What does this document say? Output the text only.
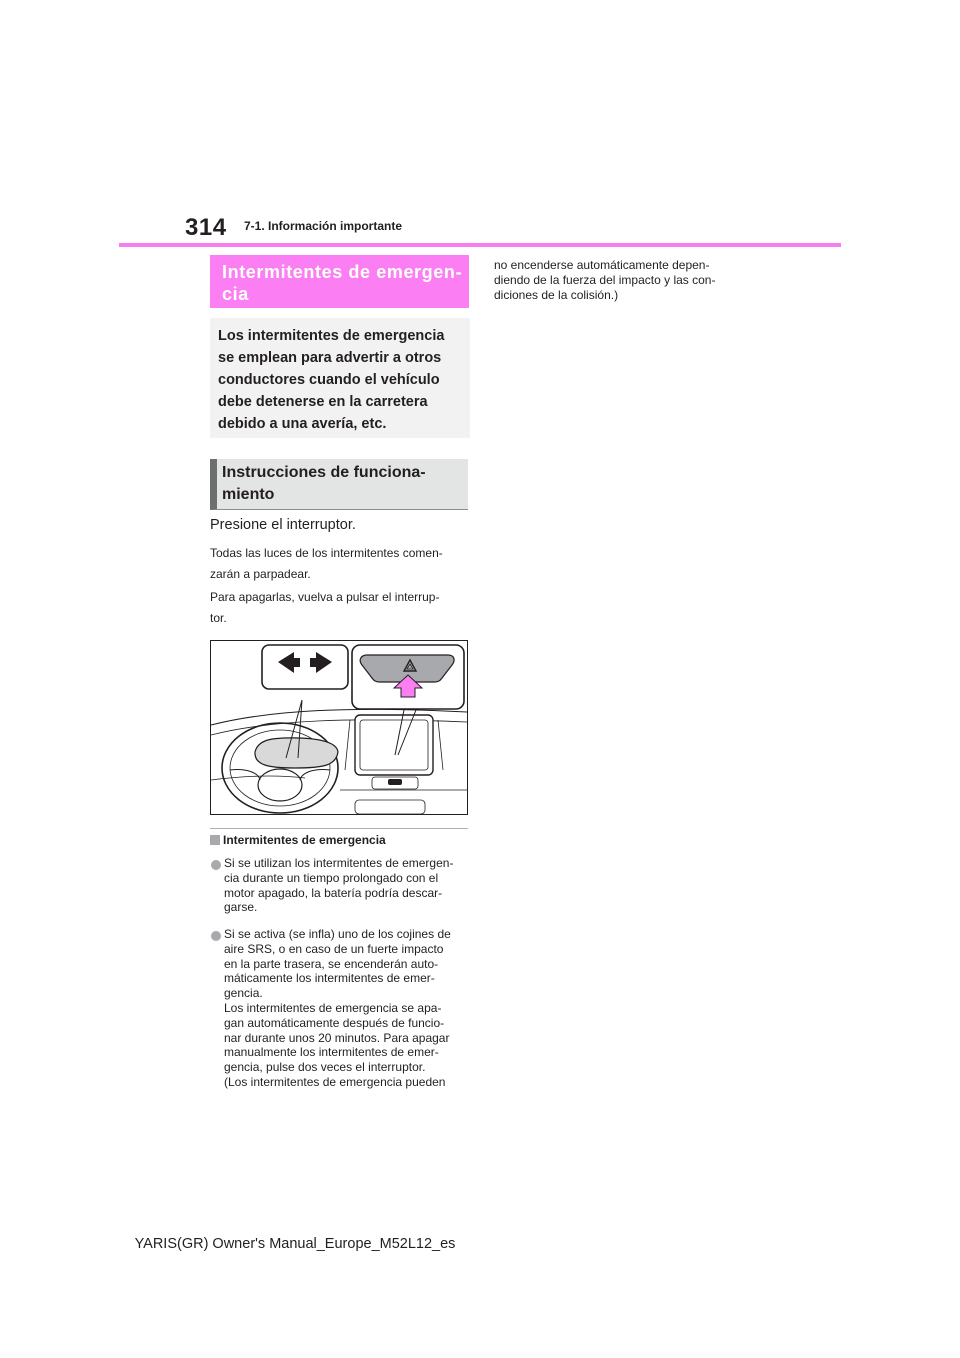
314 7-1. Información importante
Intermitentes de emergen-
cia
Los intermitentes de emergencia
se emplean para advertir a otros
conductores cuando el vehículo
debe detenerse en la carretera
debido a una avería, etc.
Instrucciones de funciona-
miento
Presione el interruptor.
Todas las luces de los intermitentes comen-
zarán a parpadear.
Para apagarlas, vuelva a pulsar el interrup-
tor.
Intermitentes de emergencia
Si se utilizan los intermitentes de emergen-
cia durante un tiempo prolongado con el
motor apagado, la batería podría descar-
garse.
Si se activa (se infla) uno de los cojines de
aire SRS, o en caso de un fuerte impacto
en la parte trasera, se encenderán auto-
máticamente los intermitentes de emer-
gencia.
Los intermitentes de emergencia se apa-
gan automáticamente después de funcio-
nar durante unos 20 minutos. Para apagar
manualmente los intermitentes de emer-
gencia, pulse dos veces el interruptor.
(Los intermitentes de emergencia pueden
no encenderse automáticamente depen-
diendo de la fuerza del impacto y las con-
diciones de la colisión.)
YARIS(GR) Owner's Manual_Europe_M52L12_es
